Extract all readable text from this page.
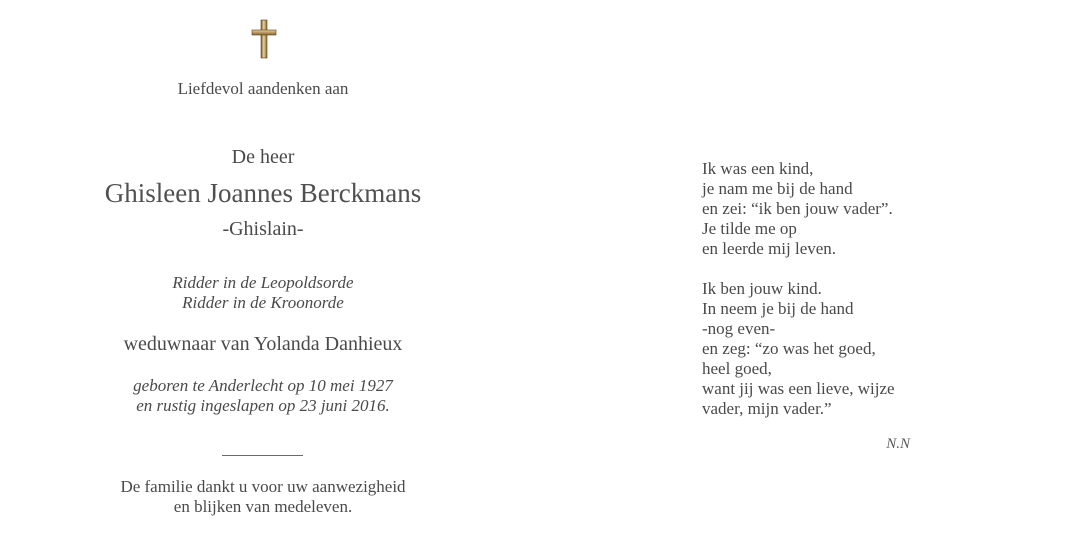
Liefdevol aandenken aan
De heer
Ghisleen Joannes Berckmans
-Ghislain-
Ridder in de Leopoldsorde
Ridder in de Kroonorde
weduwnaar van Yolanda Danhieux
geboren te Anderlecht op 10 mei 1927
en rustig ingeslapen op 23 juni 2016.
De familie dankt u voor uw aanwezigheid
en blijken van medeleven.
Ik was een kind,
je nam me bij de hand
en zei: “ik ben jouw vader”.
Je tilde me op
en leerde mij leven.
Ik ben jouw kind.
In neem je bij de hand
-nog even-
en zeg: “zo was het goed,
heel goed,
want jij was een lieve, wijze
vader, mijn vader.”
N.N
